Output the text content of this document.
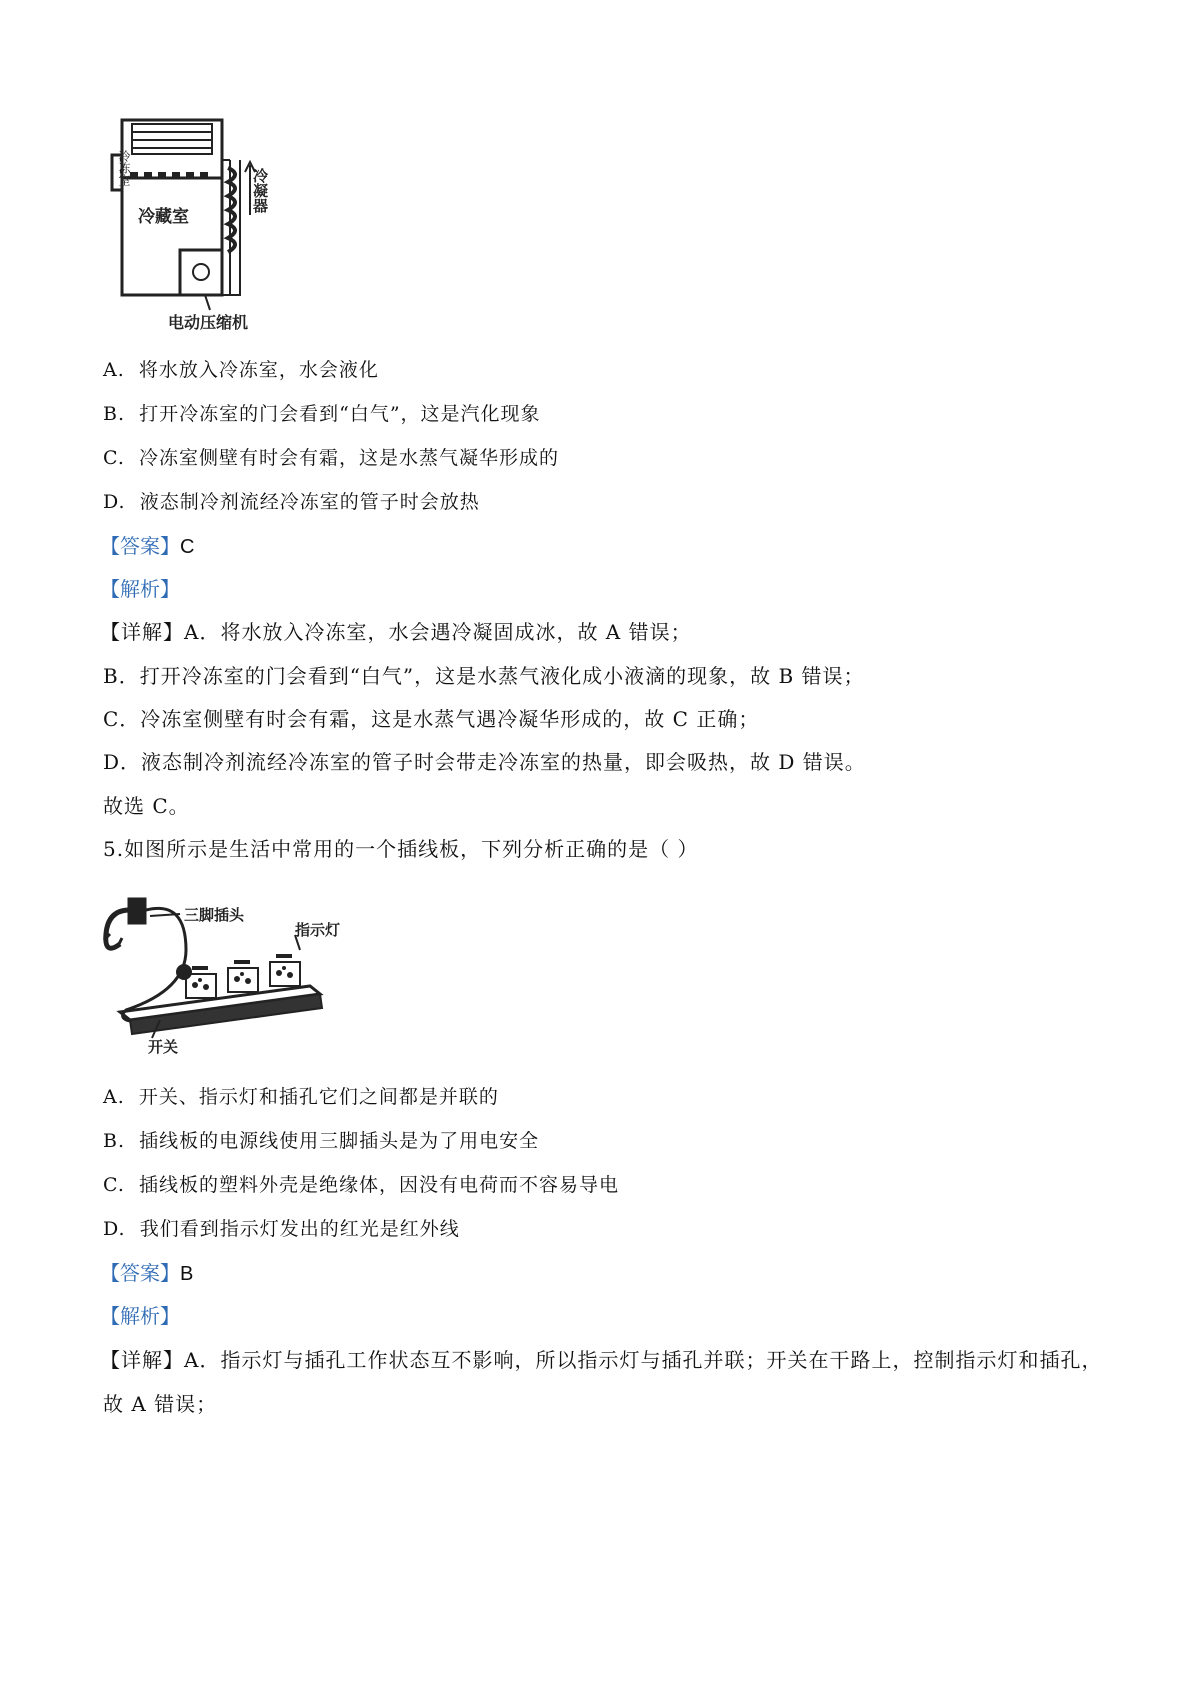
冷冻室
冷藏室
冷凝器
电动压缩机
A. 将水放入冷冻室，水会液化
B. 打开冷冻室的门会看到“白气”，这是汽化现象
C. 冷冻室侧壁有时会有霜，这是水蒸气凝华形成的
D. 液态制冷剂流经冷冻室的管子时会放热
【答案】C
【解析】
【详解】A．将水放入冷冻室，水会遇冷凝固成冰，故 A 错误；
B．打开冷冻室的门会看到“白气”，这是水蒸气液化成小液滴的现象，故 B 错误；
C．冷冻室侧壁有时会有霜，这是水蒸气遇冷凝华形成的，故 C 正确；
D．液态制冷剂流经冷冻室的管子时会带走冷冻室的热量，即会吸热，故 D 错误。
故选 C。
5.如图所示是生活中常用的一个插线板，下列分析正确的是（ ）
三脚插头
指示灯
开关
A. 开关、指示灯和插孔它们之间都是并联的
B. 插线板的电源线使用三脚插头是为了用电安全
C. 插线板的塑料外壳是绝缘体，因没有电荷而不容易导电
D. 我们看到指示灯发出的红光是红外线
【答案】B
【解析】
【详解】A．指示灯与插孔工作状态互不影响，所以指示灯与插孔并联；开关在干路上，控制指示灯和插孔，
故 A 错误；
